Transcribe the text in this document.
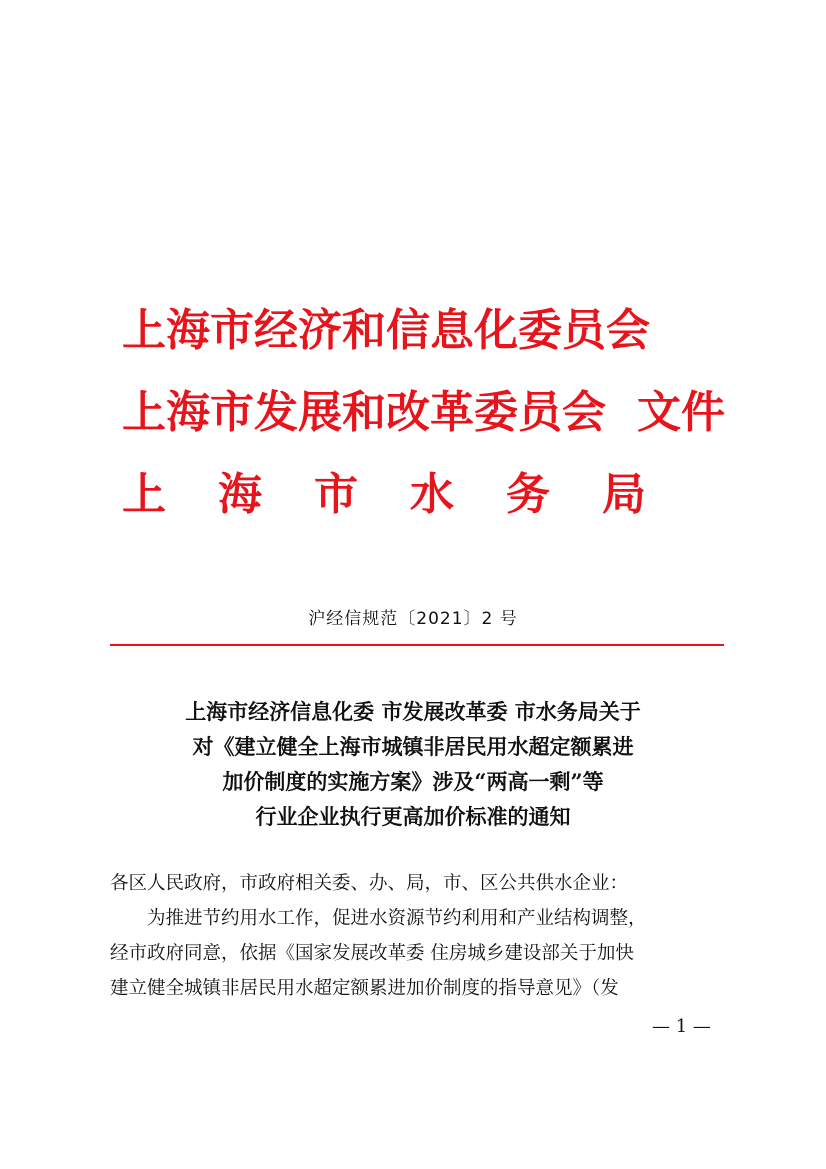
上海市经济和信息化委员会
上海市发展和改革委员会 文件
上海市水务局
沪经信规范〔2021〕2 号
上海市经济信息化委 市发展改革委 市水务局关于
对《建立健全上海市城镇非居民用水超定额累进
加价制度的实施方案》涉及“两高一剩”等
行业企业执行更高加价标准的通知
各区人民政府，市政府相关委、办、局，市、区公共供水企业：
为推进节约用水工作，促进水资源节约利用和产业结构调整，
经市政府同意，依据《国家发展改革委 住房城乡建设部关于加快
建立健全城镇非居民用水超定额累进加价制度的指导意见》（发
— 1 —
